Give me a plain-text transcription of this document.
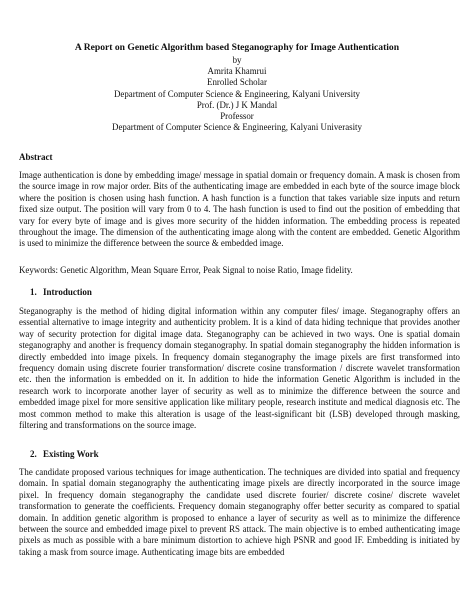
A Report on Genetic Algorithm based Steganography for Image Authentication
by
Amrita Khamrui
Enrolled Scholar
Department of Computer Science & Engineering, Kalyani University
Prof. (Dr.) J K Mandal
Professor
Department of Computer Science & Engineering, Kalyani Univerasity
Abstract

Image authentication is done by embedding image/ message in spatial domain or frequency domain. A mask is chosen from the source image in row major order. Bits of the authenticating image are embedded in each byte of the source image block where the position is chosen using hash function. A hash function is a function that takes variable size inputs and return fixed size output. The position will vary from 0 to 4. The hash function is used to find out the position of embedding that vary for every byte of image and is gives more security of the hidden information. The embedding process is repeated throughout the image. The dimension of the authenticating image along with the content are embedded. Genetic Algorithm is used to minimize the difference between the source & embedded image.

Keywords: Genetic Algorithm, Mean Square Error, Peak Signal to noise Ratio, Image fidelity.
1. Introduction

Steganography is the method of hiding digital information within any computer files/ image. Steganography offers an essential alternative to image integrity and authenticity problem. It is a kind of data hiding technique that provides another way of security protection for digital image data. Steganography can be achieved in two ways. One is spatial domain steganography and another is frequency domain steganography. In spatial domain steganography the hidden information is directly embedded into image pixels. In frequency domain steganography the image pixels are first transformed into frequency domain using discrete fourier transformation/ discrete cosine transformation / discrete wavelet transformation etc. then the information is embedded on it. In addition to hide the information Genetic Algorithm is included in the research work to incorporate another layer of security as well as to minimize the difference between the source and embedded image pixel for more sensitive application like military people, research institute and medical diagnosis etc. The most common method to make this alteration is usage of the least-significant bit (LSB) developed through masking, filtering and transformations on the source image.

2. Existing Work

The candidate proposed various techniques for image authentication. The techniques are divided into spatial and frequency domain. In spatial domain steganography the authenticating image pixels are directly incorporated in the source image pixel. In frequency domain steganography the candidate used discrete fourier/ discrete cosine/ discrete wavelet transformation to generate the coefficients. Frequency domain steganography offer better security as compared to spatial domain. In addition genetic algorithm is proposed to enhance a layer of security as well as to minimize the difference between the source and embedded image pixel to prevent RS attack. The main objective is to embed authenticating image pixels as much as possible with a bare minimum distortion to achieve high PSNR and good IF. Embedding is initiated by taking a mask from source image. Authenticating image bits are embedded
